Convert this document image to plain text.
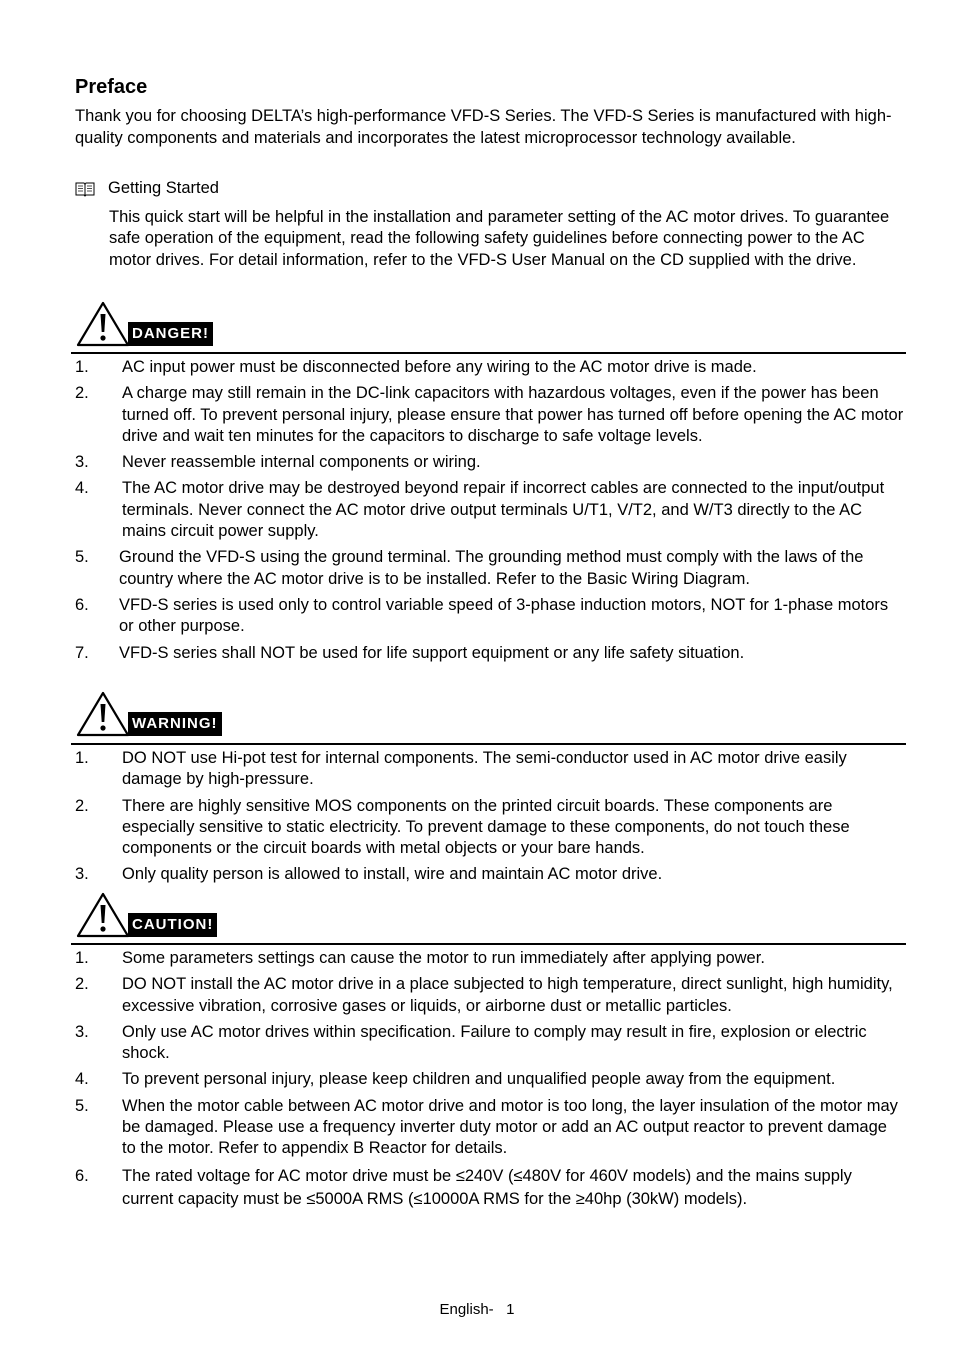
Preface
Thank you for choosing DELTA’s high-performance VFD-S Series. The VFD-S Series is manufactured with high-quality components and materials and incorporates the latest microprocessor technology available.
Getting Started
This quick start will be helpful in the installation and parameter setting of the AC motor drives. To guarantee safe operation of the equipment, read the following safety guidelines before connecting power to the AC motor drives. For detail information, refer to the VFD-S User Manual on the CD supplied with the drive.
DANGER!
1. AC input power must be disconnected before any wiring to the AC motor drive is made.
2. A charge may still remain in the DC-link capacitors with hazardous voltages, even if the power has been turned off. To prevent personal injury, please ensure that power has turned off before opening the AC motor drive and wait ten minutes for the capacitors to discharge to safe voltage levels.
3. Never reassemble internal components or wiring.
4. The AC motor drive may be destroyed beyond repair if incorrect cables are connected to the input/output terminals. Never connect the AC motor drive output terminals U/T1, V/T2, and W/T3 directly to the AC mains circuit power supply.
5. Ground the VFD-S using the ground terminal. The grounding method must comply with the laws of the country where the AC motor drive is to be installed. Refer to the Basic Wiring Diagram.
6. VFD-S series is used only to control variable speed of 3-phase induction motors, NOT for 1-phase motors or other purpose.
7. VFD-S series shall NOT be used for life support equipment or any life safety situation.
WARNING!
1. DO NOT use Hi-pot test for internal components. The semi-conductor used in AC motor drive easily damage by high-pressure.
2. There are highly sensitive MOS components on the printed circuit boards. These components are especially sensitive to static electricity. To prevent damage to these components, do not touch these components or the circuit boards with metal objects or your bare hands.
3. Only quality person is allowed to install, wire and maintain AC motor drive.
CAUTION!
1. Some parameters settings can cause the motor to run immediately after applying power.
2. DO NOT install the AC motor drive in a place subjected to high temperature, direct sunlight, high humidity, excessive vibration, corrosive gases or liquids, or airborne dust or metallic particles.
3. Only use AC motor drives within specification. Failure to comply may result in fire, explosion or electric shock.
4. To prevent personal injury, please keep children and unqualified people away from the equipment.
5. When the motor cable between AC motor drive and motor is too long, the layer insulation of the motor may be damaged. Please use a frequency inverter duty motor or add an AC output reactor to prevent damage to the motor. Refer to appendix B Reactor for details.
6. The rated voltage for AC motor drive must be ≤240V (≤480V for 460V models) and the mains supply current capacity must be ≤5000A RMS (≤10000A RMS for the ≥40hp (30kW) models).
English-   1
